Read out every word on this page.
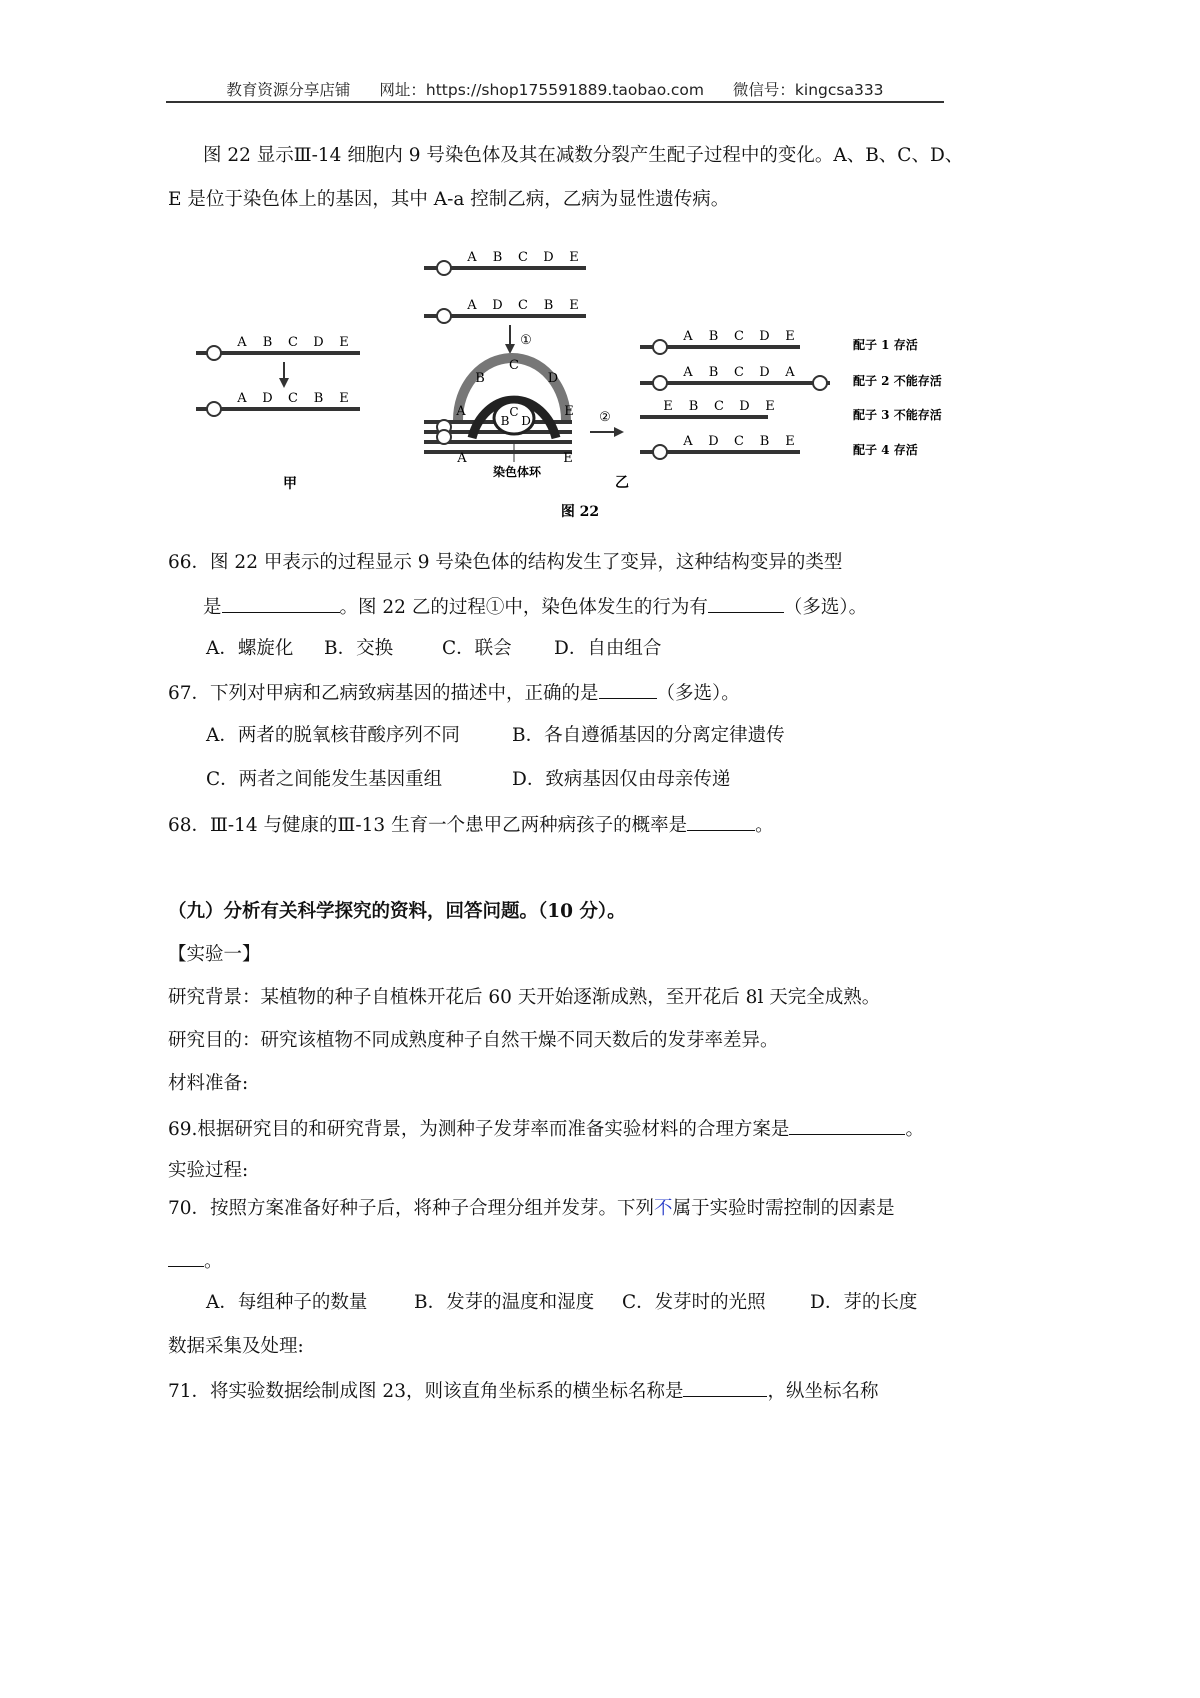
教育资源分享店铺 网址：https://shop175591889.taobao.com 微信号：kingcsa333
图 22 显示Ⅲ-14 细胞内 9 号染色体及其在减数分裂产生配子过程中的变化。A、B、C、D、
E 是位于染色体上的基因，其中 A-a 控制乙病，乙病为显性遗传病。
A B C D E
A D C B E
甲
A B C D E
A D C B E
①
A
B
C
D
E
B
C
D
A	E
染色体环
②
乙
图 22
A B C D E
配子 1 存活
A B C D A
配子 2 不能存活
E B C D E
配子 3 不能存活
A D C B E
配子 4 存活
66．图 22 甲表示的过程显示 9 号染色体的结构发生了变异，这种结构变异的类型
是	。图 22 乙的过程①中，染色体发生的行为有	（多选）。
A．螺旋化 B．交换	C．联会 D．自由组合
67．下列对甲病和乙病致病基因的描述中，正确的是	（多选）。
A．两者的脱氧核苷酸序列不同	B．各自遵循基因的分离定律遗传
C．两者之间能发生基因重组	D．致病基因仅由母亲传递
68．Ⅲ-14 与健康的Ⅲ-13 生育一个患甲乙两种病孩子的概率是	。
（九）分析有关科学探究的资料，回答问题。（10 分）。
【实验一】
研究背景：某植物的种子自植株开花后 60 天开始逐渐成熟，至开花后 8l 天完全成熟。
研究目的：研究该植物不同成熟度种子自然干燥不同天数后的发芽率差异。
材料准备:
69.根据研究目的和研究背景，为测种子发芽率而准备实验材料的合理方案是	。
实验过程:
70．按照方案准备好种子后，将种子合理分组并发芽。下列不属于实验时需控制的因素是
。
A．每组种子的数量	B．发芽的温度和湿度 C．发芽时的光照 D．芽的长度
数据采集及处理:
71．将实验数据绘制成图 23，则该直角坐标系的横坐标名称是	，纵坐标名称
